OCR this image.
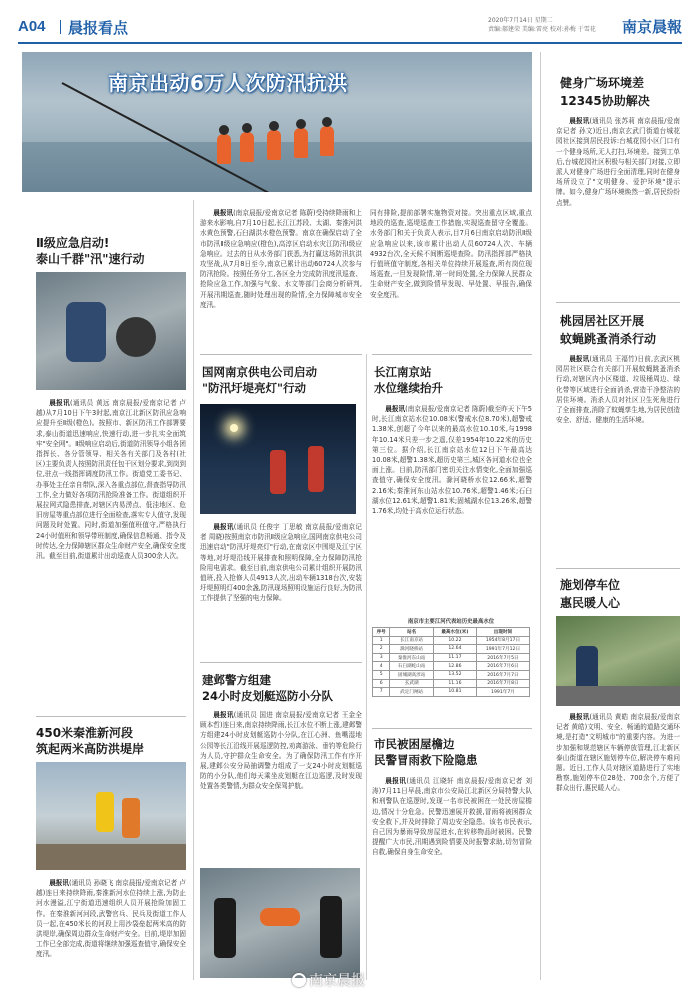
A04 晨报看点	2020年7月14日 星期二
责编:郝建荣 美编:雷亮 校对:孙梅 于雪花	南京晨報
南京出动6万人次防汛抗洪
晨报讯(南京晨报/爱南京记者 陈蔚)受持续降雨和上游来水影响,自7月10日起,长江江苏段、太湖、秦淮河洪水黄色预警,石臼湖洪水橙色预警。南京在确保启动了全市防汛Ⅱ级应急响应(橙色),高淳区启动水灾江防汛Ⅰ级应急响应。过去的日从水务部门获悉,为打赢这场防汛抗洪攻坚战,从7月8日至今,南京已累计出动60724人次参与防汛抢险。按照任务分工,各区全力完成防汛度汛巡查、抢险应急工作,加强与气象、水文等部门会商分析研判,开展汛期巡查,随时处理出现的险情,全力保障城市安全度汛。
同有排险,提前部署实施物资对接。突出重点区域,重点地段的巡查,巡堤巡查工作措施,实现巡查留守全覆盖。水务部门和关于负责人表示,目7月6日南京启动防汛Ⅱ级应急响应以来,该市累计出动人员60724人次、车辆4932台次,全天候不间断巡堤查险。防汛指挥部严格执行值班值守制度,各相关单位持续开展巡查,所有岗位现场巡查,一旦发现险情,第一时间处置,全力保障人民群众生命财产安全,做到险情早发现、早处置、早报告,确保安全度汛。
Ⅱ级应急启动!
泰山千群"汛"速行动
晨报讯(通讯员 黄远 南京晨报/爱南京记者 卢越)从7月10日下午3时起,南京江北新区防汛应急响应提升至Ⅱ级(橙色)。按照市、新区防汛工作部署要求,泰山街道迅速响应,快速行动,进一步扎实全面筑牢"安全网"。Ⅱ级响应启动后,街道防汛领导小组各团指挥长、各分管领导、相关各有关部门及各村(社区)主要负责人按照防汛责任包干区划分要求,到岗到位,驻点一线指挥调度防汛工作。街道党工委书记、办事处主任亲自带队,深入各重点部位,督查指导防汛工作,全力做好各项防汛抢险准备工作。街道组织开展拉网式隐患排查,对辖区内易涝点、低洼地区、危旧房屋等重点部位进行全面检查,落实专人值守,发现问题及时处置。同时,街道加强值班值守,严格执行24小时值班和领导带班制度,确保信息畅通、指令及时传达,全力保障辖区群众生命财产安全,确保安全度汛。截至目前,街道累计出动巡查人员300余人次。
450米秦淮新河段
筑起两米高防洪堤岸
晨报讯(通讯员 孙晓飞 南京晨报/爱南京记者 卢越)连日来持续降雨,秦淮新河水位持续上涨,为防止河水漫溢,江宁街道迅速组织人员开展抢险加固工作。在秦淮新河河段,武警官兵、民兵及街道工作人员一起,在450米长的河段上用沙袋垒起两米高的防洪堤岸,确保周边群众生命财产安全。目前,堤岸加固工作已全部完成,街道将继续加强巡查值守,确保安全度汛。
国网南京供电公司启动
"防汛圩堤亮灯"行动
晨报讯(通讯员 任俊宇 丁思敏 南京晨报/爱南京记者 周晓)按照南京市防汛Ⅱ级应急响应,国网南京供电公司迅速启动"防汛圩堤亮灯"行动,在南京区中围堤及江宁区等地,对圩堤沿线开展排查和照明保障,全力保障防汛抢险用电需求。截至目前,南京供电公司累计组织开展防汛值班,投入抢修人员4913人次,出动车辆1318台次,安装圩堤照明灯400余盏,防汛现场照明设施运行良好,为防汛工作提供了坚强的电力保障。
建邺警方组建
24小时皮划艇巡防小分队
晨报讯(通讯员 国进 南京晨报/爱南京记者 王金全 顾本哲)连日来,南京持续降雨,长江水位不断上涨,建邺警方组建24小时皮划艇巡防小分队,在江心洲、鱼嘴湿地公园等长江沿线开展巡逻防控,劝离游泳、垂钓等危险行为人员,守护群众生命安全。为了确保防汛工作有序开展,建邺公安分局抽调警力组成了一支24小时皮划艇巡防的小分队,他们每天乘坐皮划艇在江边巡逻,及时发现处置各类警情,为群众安全保驾护航。
长江南京站
水位继续抬升
晨报讯(南京晨报/爱南京记者 陈蔚)截至昨天下午5时,长江南京站水位10.08米(警戒水位8.70米),超警戒1.38米,创超了今年以来的最高水位10.10米,与1998年10.14米只差一步之遥,仅差1954年10.22米的历史第三位。据介绍,长江南京站水位12日下午最高达10.08米,超警1.38米,超历史第三,城区各河道水位也全面上涨。目前,防汛部门密切关注水情变化,全面加强巡查值守,确保安全度汛。滁河晓桥水位12.66米,超警2.16米;秦淮河东山站水位10.76米,超警1.46米;石臼湖水位12.61米,超警1.81米;固城湖水位13.26米,超警1.76米,均处于高水位运行状态。
南京市主要江河代表站历史最高水位
序号	站名	最高水位(米)	出现时间
1	长江南京站	10.22	1954年8月17日
2	滁河晓桥站	12.64	1991年7月12日
3	秦淮河东山站	11.17	2016年7月5日
4	石臼湖蛇山站	12.86	2016年7月6日
5	固城湖高淳站	13.52	2016年7月7日
6	玄武湖	11.16	2016年7月8日
7	武定门闸站	10.81	1991年7月
市民被困屋檐边
民警冒雨救下险隐患
晨报讯(通讯员 江晓轩 南京晨报/爱南京记者 刘涛)7月11日早晨,南京市公安局江北新区分局特警大队和刑警队在巡逻时,发现一名市民被困在一处民房屋檐边,情况十分危急。民警迅速展开救援,冒雨将被困群众安全救下,并及时排除了周边安全隐患。该名市民表示,自己因为暴雨导致房屋进水,在转移物品时被困。民警提醒广大市民,汛期遇到险情要及时报警求助,切勿冒险自救,确保自身生命安全。
健身广场环境差
12345协助解决
晨报讯(通讯员 张苏莉 南京晨报/爱南京记者 孙文)近日,南京玄武门街道台城花园社区接到居民投诉:台城花园小区门口有一个健身场所,无人打扫,环境差。接到工单后,台城花园社区积极与相关部门对接,立即派人对健身广场进行全面清理,同时在健身场所设立了"文明健身、爱护环境"提示牌。如今,健身广场环境焕然一新,居民纷纷点赞。
桃园居社区开展
蚊蝇跳蚤消杀行动
晨报讯(通讯员 王福竹)日前,玄武区桃园居社区联合有关部门开展蚊蝇跳蚤消杀行动,对辖区内小区楼道、垃圾桶周边、绿化带等区域进行全面消杀,营造干净整洁的居住环境。消杀人员对社区卫生死角进行了全面排查,消除了蚊蝇孳生地,为居民创造安全、舒适、健康的生活环境。
施划停车位
惠民暖人心
晨报讯(通讯员 黄皓 南京晨报/爱南京记者 黄皓)文明、安全、畅通的道路交通环境,是打造"文明城市"的重要内容。为进一步加强和规范辖区车辆停放管理,江北新区泰山街道在辖区施划停车位,解决停车难问题。近日,工作人员对辖区道路进行了实地勘察,施划停车位28处、700余个,方便了群众出行,惠民暖人心。
南京晨报
